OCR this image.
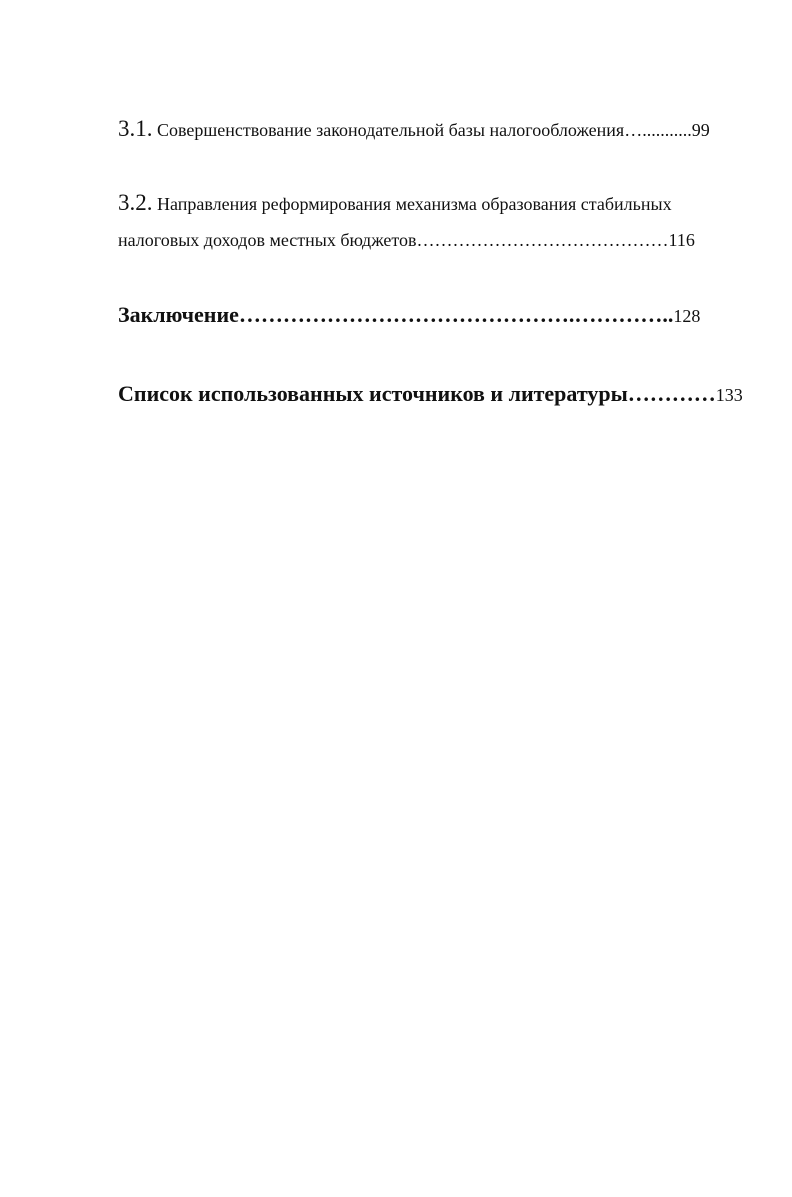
3.1. Совершенствование законодательной базы налогообложения…...........99
3.2. Направления реформирования механизма образования стабильных
налоговых доходов местных бюджетов……………………………………116
Заключение……………………………………….…………..128
Список использованных источников и литературы…………133
